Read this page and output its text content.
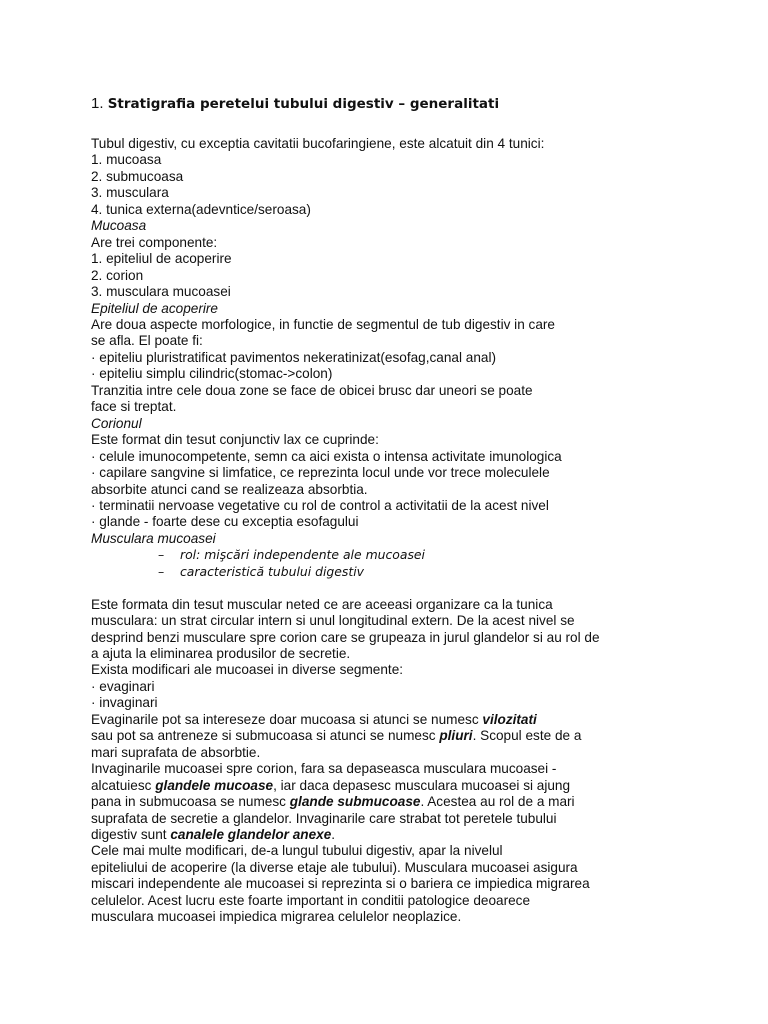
1. Stratigrafia peretelui tubului digestiv – generalitati
Tubul digestiv, cu exceptia cavitatii bucofaringiene, este alcatuit din 4 tunici:
1. mucoasa
2. submucoasa
3. musculara
4. tunica externa(adevntice/seroasa)
Mucoasa
Are trei componente:
1. epiteliul de acoperire
2. corion
3. musculara mucoasei
Epiteliul de acoperire
Are doua aspecte morfologice, in functie de segmentul de tub digestiv in care
se afla. El poate fi:
· epiteliu pluristratificat pavimentos nekeratinizat(esofag,canal anal)
· epiteliu simplu cilindric(stomac->colon)
Tranzitia intre cele doua zone se face de obicei brusc dar uneori se poate
face si treptat.
Corionul
Este format din tesut conjunctiv lax ce cuprinde:
· celule imunocompetente, semn ca aici exista o intensa activitate imunologica
· capilare sangvine si limfatice, ce reprezinta locul unde vor trece moleculele
absorbite atunci cand se realizeaza absorbtia.
· terminatii nervoase vegetative cu rol de control a activitatii de la acest nivel
· glande - foarte dese cu exceptia esofagului
Musculara mucoasei
– rol: mişcări independente ale mucoasei
– caracteristică tubului digestiv
Este formata din tesut muscular neted ce are aceeasi organizare ca la tunica
musculara: un strat circular intern si unul longitudinal extern. De la acest nivel se
desprind benzi musculare spre corion care se grupeaza in jurul glandelor si au rol de
a ajuta la eliminarea produsilor de secretie.
Exista modificari ale mucoasei in diverse segmente:
· evaginari
· invaginari
Evaginarile pot sa intereseze doar mucoasa si atunci se numesc vilozitati
sau pot sa antreneze si submucoasa si atunci se numesc pliuri. Scopul este de a
mari suprafata de absorbtie.
Invaginarile mucoasei spre corion, fara sa depaseasca musculara mucoasei -
alcatuiesc glandele mucoase, iar daca depasesc musculara mucoasei si ajung
pana in submucoasa se numesc glande submucoase. Acestea au rol de a mari
suprafata de secretie a glandelor. Invaginarile care strabat tot peretele tubului
digestiv sunt canalele glandelor anexe.
Cele mai multe modificari, de-a lungul tubului digestiv, apar la nivelul
epiteliului de acoperire (la diverse etaje ale tubului). Musculara mucoasei asigura
miscari independente ale mucoasei si reprezinta si o bariera ce impiedica migrarea
celulelor. Acest lucru este foarte important in conditii patologice deoarece
musculara mucoasei impiedica migrarea celulelor neoplazice.
